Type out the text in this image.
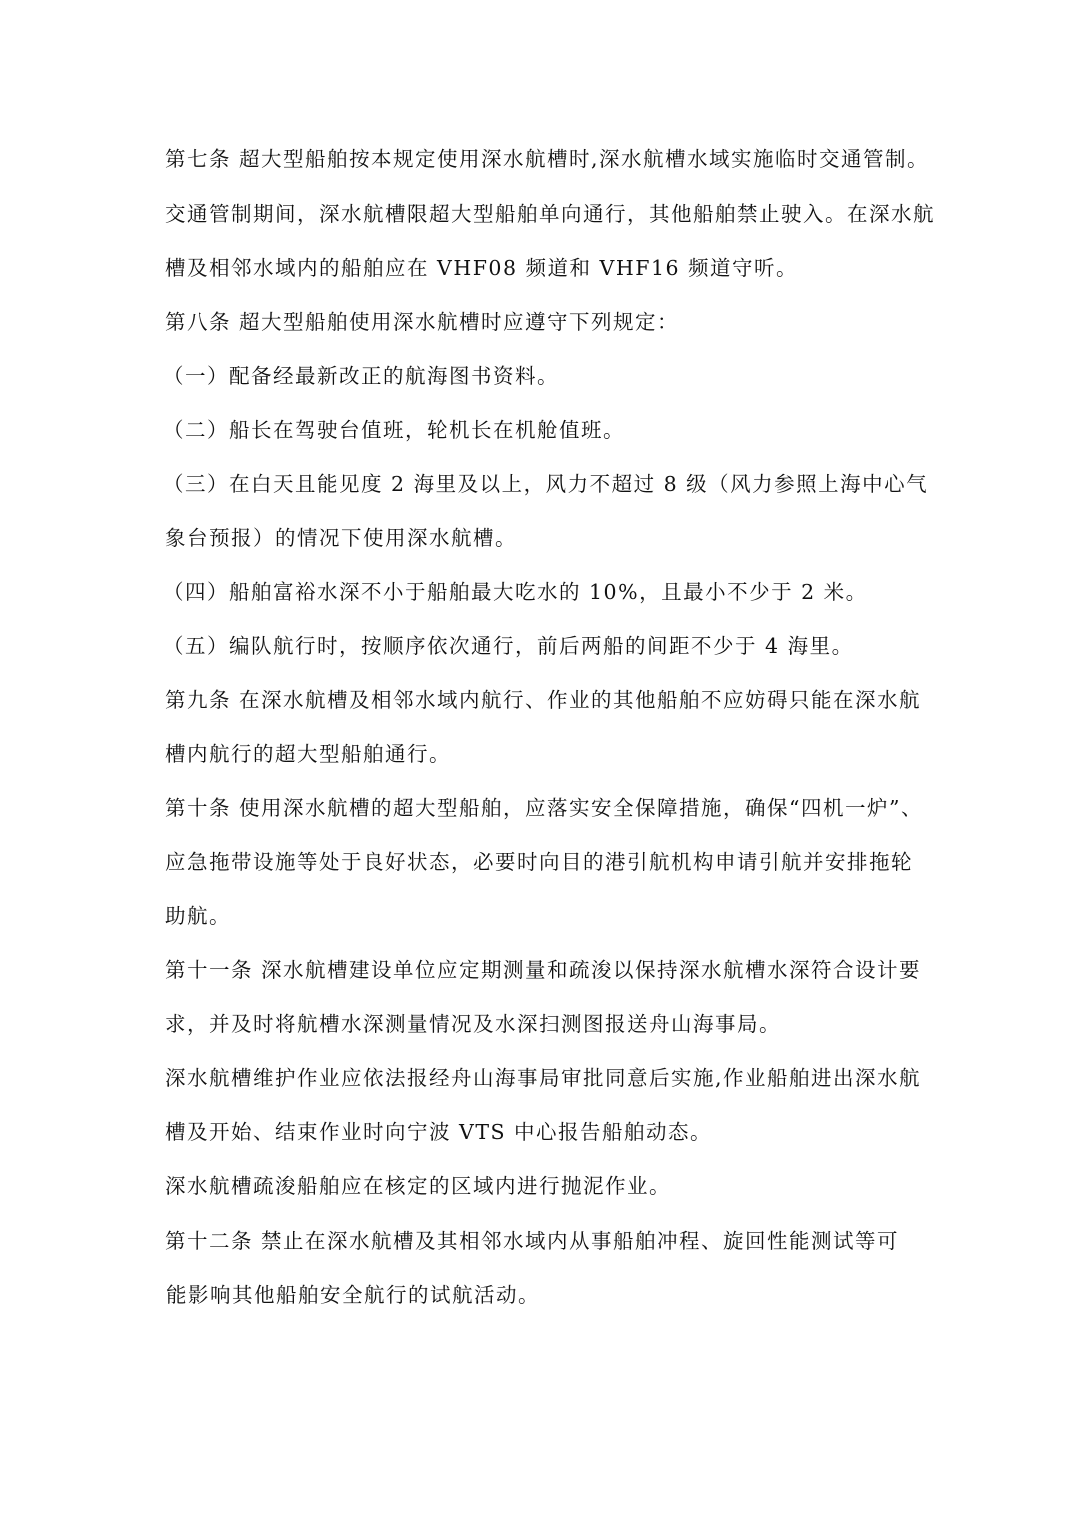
第七条 超大型船舶按本规定使用深水航槽时,深水航槽水域实施临时交通管制。
交通管制期间，深水航槽限超大型船舶单向通行，其他船舶禁止驶入。在深水航
槽及相邻水域内的船舶应在 VHF08 频道和 VHF16 频道守听。
第八条 超大型船舶使用深水航槽时应遵守下列规定：
（一）配备经最新改正的航海图书资料。
（二）船长在驾驶台值班，轮机长在机舱值班。
（三）在白天且能见度 2 海里及以上，风力不超过 8 级（风力参照上海中心气
象台预报）的情况下使用深水航槽。
（四）船舶富裕水深不小于船舶最大吃水的 10%，且最小不少于 2 米。
（五）编队航行时，按顺序依次通行，前后两船的间距不少于 4 海里。
第九条 在深水航槽及相邻水域内航行、作业的其他船舶不应妨碍只能在深水航
槽内航行的超大型船舶通行。
第十条 使用深水航槽的超大型船舶，应落实安全保障措施，确保“四机一炉”、
应急拖带设施等处于良好状态，必要时向目的港引航机构申请引航并安排拖轮
助航。
第十一条 深水航槽建设单位应定期测量和疏浚以保持深水航槽水深符合设计要
求，并及时将航槽水深测量情况及水深扫测图报送舟山海事局。
深水航槽维护作业应依法报经舟山海事局审批同意后实施,作业船舶进出深水航
槽及开始、结束作业时向宁波 VTS 中心报告船舶动态。
深水航槽疏浚船舶应在核定的区域内进行抛泥作业。
第十二条 禁止在深水航槽及其相邻水域内从事船舶冲程、旋回性能测试等可
能影响其他船舶安全航行的试航活动。
